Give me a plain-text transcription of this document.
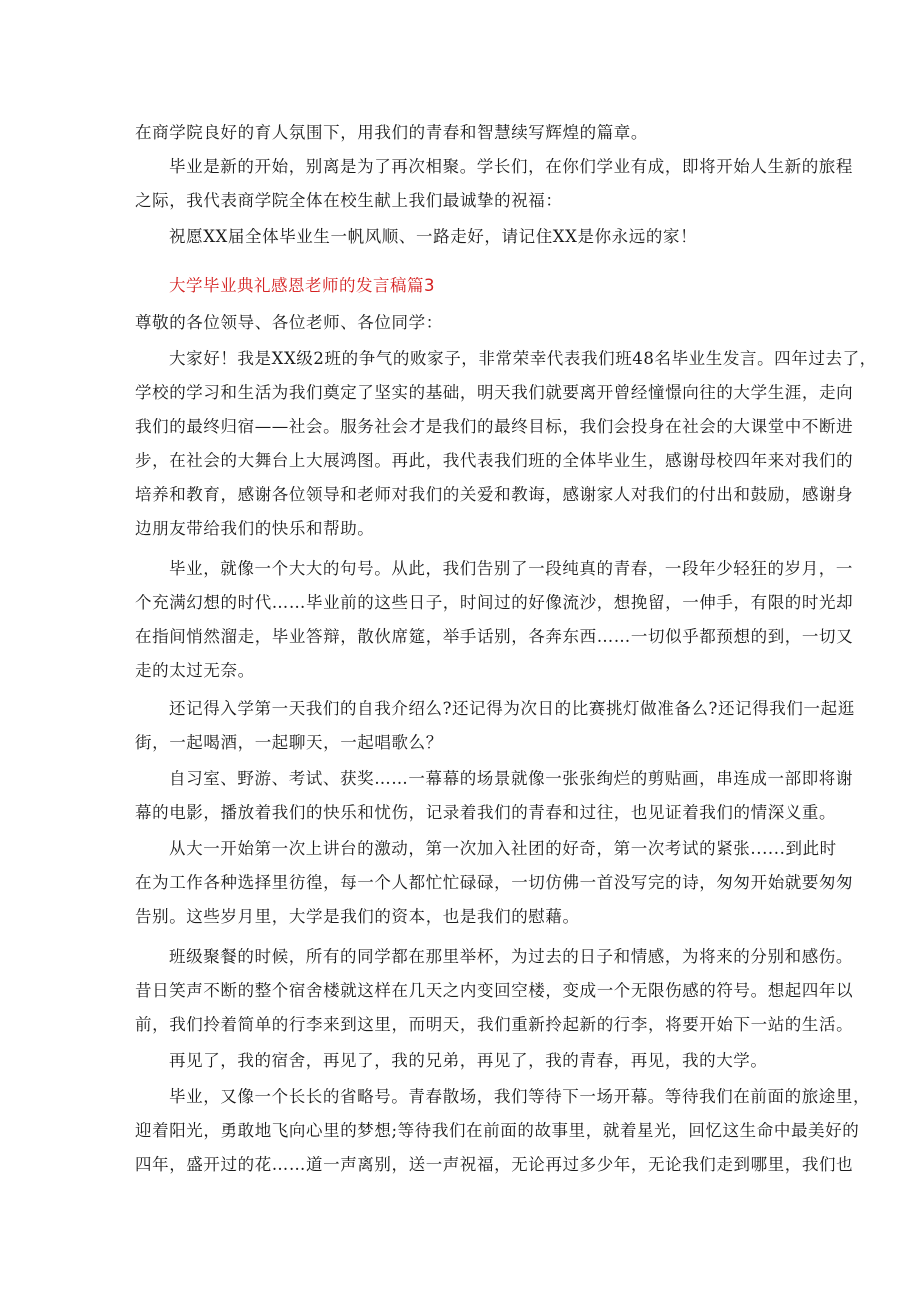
在商学院良好的育人氛围下，用我们的青春和智慧续写辉煌的篇章。
毕业是新的开始，别离是为了再次相聚。学长们，在你们学业有成，即将开始人生新的旅程
之际，我代表商学院全体在校生献上我们最诚挚的祝福：
祝愿XX届全体毕业生一帆风顺、一路走好，请记住XX是你永远的家！
大学毕业典礼感恩老师的发言稿篇3
尊敬的各位领导、各位老师、各位同学：
大家好！我是XX级2班的争气的败家子，非常荣幸代表我们班48名毕业生发言。四年过去了，
学校的学习和生活为我们奠定了坚实的基础，明天我们就要离开曾经憧憬向往的大学生涯，走向
我们的最终归宿——社会。服务社会才是我们的最终目标，我们会投身在社会的大课堂中不断进
步，在社会的大舞台上大展鸿图。再此，我代表我们班的全体毕业生，感谢母校四年来对我们的
培养和教育，感谢各位领导和老师对我们的关爱和教诲，感谢家人对我们的付出和鼓励，感谢身
边朋友带给我们的快乐和帮助。
毕业，就像一个大大的句号。从此，我们告别了一段纯真的青春，一段年少轻狂的岁月，一
个充满幻想的时代……毕业前的这些日子，时间过的好像流沙，想挽留，一伸手，有限的时光却
在指间悄然溜走，毕业答辩，散伙席筵，举手话别，各奔东西……一切似乎都预想的到，一切又
走的太过无奈。
还记得入学第一天我们的自我介绍么?还记得为次日的比赛挑灯做准备么?还记得我们一起逛
街，一起喝酒，一起聊天，一起唱歌么？
自习室、野游、考试、获奖……一幕幕的场景就像一张张绚烂的剪贴画，串连成一部即将谢
幕的电影，播放着我们的快乐和忧伤，记录着我们的青春和过往，也见证着我们的情深义重。
从大一开始第一次上讲台的激动，第一次加入社团的好奇，第一次考试的紧张......到此时
在为工作各种选择里彷徨，每一个人都忙忙碌碌，一切仿佛一首没写完的诗，匆匆开始就要匆匆
告别。这些岁月里，大学是我们的资本，也是我们的慰藉。
班级聚餐的时候，所有的同学都在那里举杯，为过去的日子和情感，为将来的分别和感伤。
昔日笑声不断的整个宿舍楼就这样在几天之内变回空楼，变成一个无限伤感的符号。想起四年以
前，我们拎着简单的行李来到这里，而明天，我们重新拎起新的行李，将要开始下一站的生活。
再见了，我的宿舍，再见了，我的兄弟，再见了，我的青春，再见，我的大学。
毕业，又像一个长长的省略号。青春散场，我们等待下一场开幕。等待我们在前面的旅途里，
迎着阳光，勇敢地飞向心里的梦想;等待我们在前面的故事里，就着星光，回忆这生命中最美好的
四年，盛开过的花……道一声离别，送一声祝福，无论再过多少年，无论我们走到哪里，我们也
